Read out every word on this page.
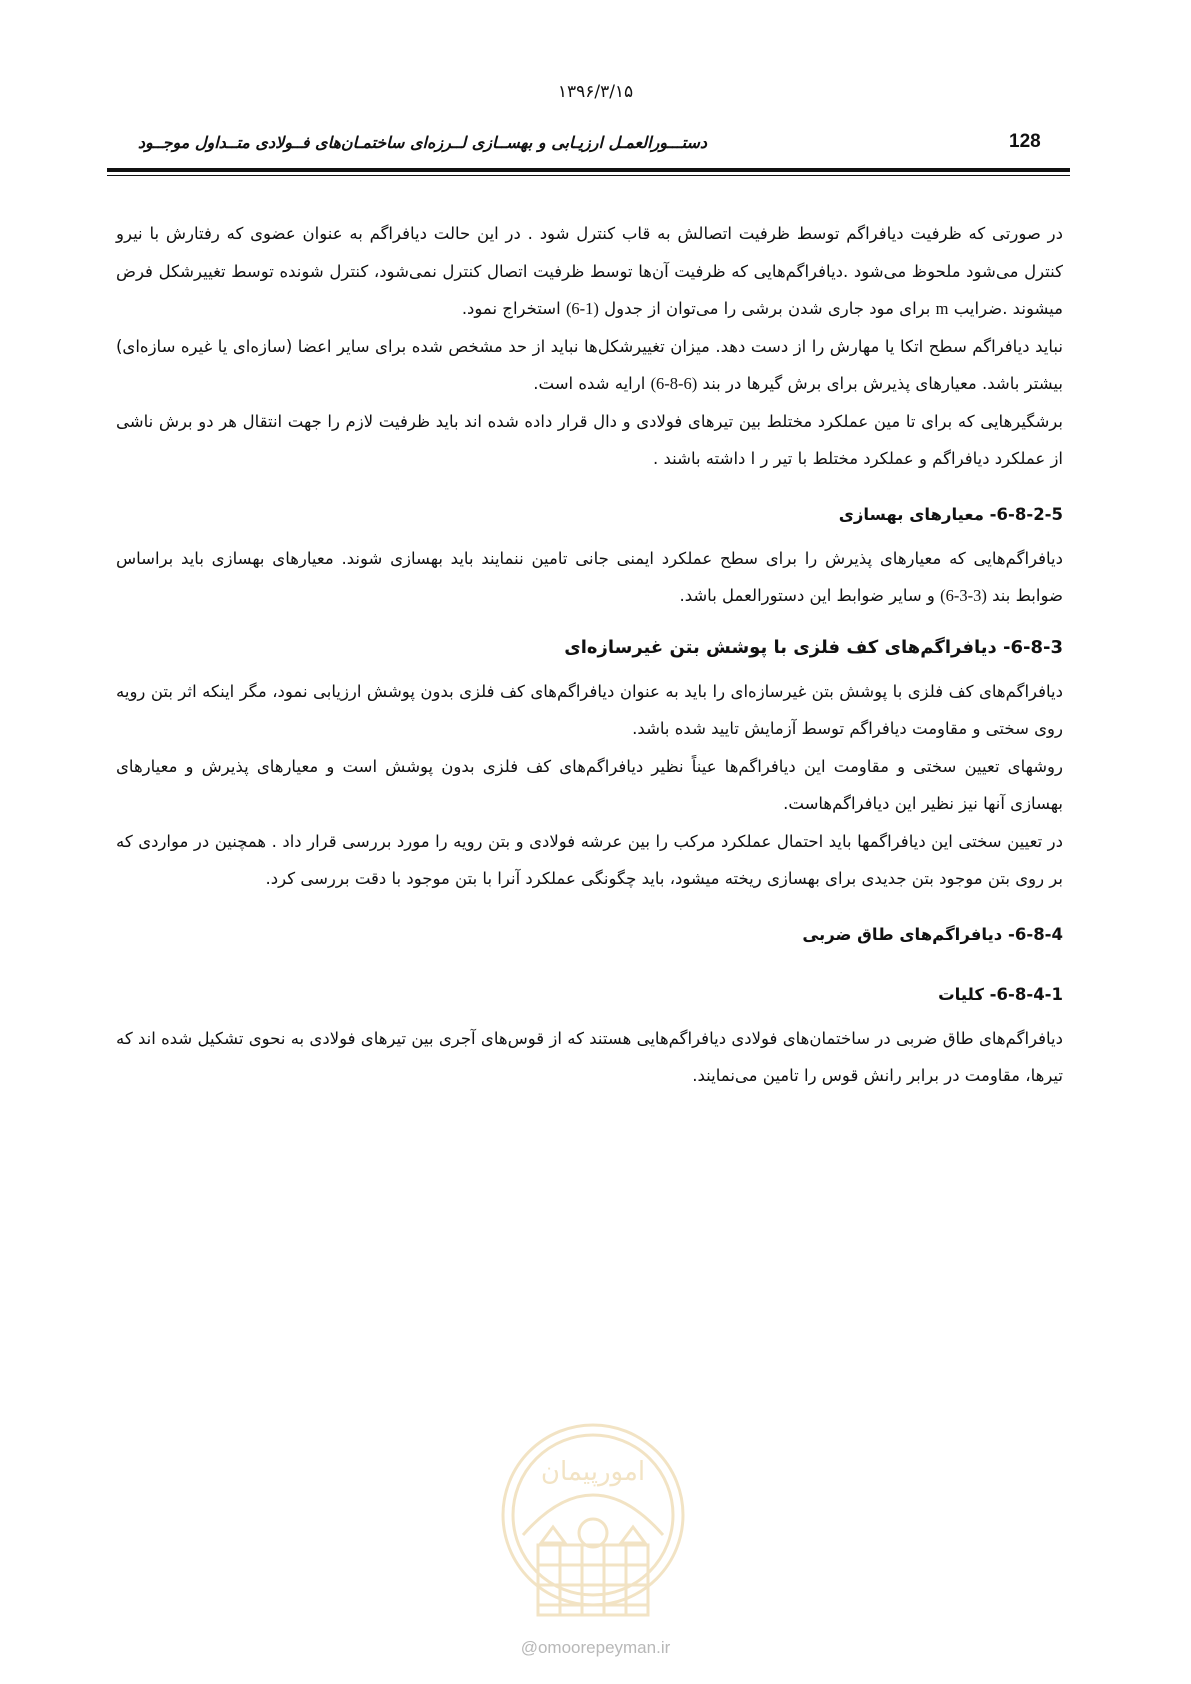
۱۳۹۶/۳/۱۵
128
دستـــورالعمـل ارزیـابی و بهســازی لــرزه‌ای ساختمـان‌های فــولادی متــداول موجــود

در صورتی که ظرفیت دیافراگم توسط ظرفیت اتصالش به قاب کنترل شود . در این حالت دیافراگم به عنوان عضوی که رفتارش با نیرو کنترل می‌شود ملحوظ می‌شود .دیافراگم‌هایی که ظرفیت آن‌ها توسط ظرفیت اتصال کنترل نمی‌شود، کنترل شونده توسط تغییرشکل فرض میشوند .ضرایب m برای مود جاری شدن برشی را می‌توان از جدول (6-1) استخراج نمود.

نباید دیافراگم سطح اتکا یا مهارش را از دست دهد. میزان تغییرشکل‌ها نباید از حد مشخص شده برای سایر اعضا (سازه‌ای یا غیره سازه‌ای) بیشتر باشد. معیارهای پذیرش برای برش گیرها در بند (6-8-6) ارایه شده است.

برشگیرهایی که برای تا مین عملکرد مختلط بین تیرهای فولادی و دال قرار داده شده اند باید ظرفیت لازم را جهت انتقال هر دو برش ناشی از عملکرد دیافراگم و عملکرد مختلط با تیر ر ا داشته باشند .

6-8-2-5- معیارهای بهسازی

دیافراگم‌هایی که معیارهای پذیرش را برای سطح عملکرد ایمنی جانی تامین ننمایند باید بهسازی شوند. معیارهای بهسازی باید براساس ضوابط بند (6-3-3) و سایر ضوابط این دستورالعمل باشد.

6-8-3- دیافراگم‌های کف فلزی با پوشش بتن غیرسازه‌ای

دیافراگم‌های کف فلزی با پوشش بتن غیرسازه‌ای را باید به عنوان دیافراگم‌های کف فلزی بدون پوشش ارزیابی نمود، مگر اینکه اثر بتن رویه روی سختی و مقاومت دیافراگم توسط آزمایش تایید شده باشد.

روشهای تعیین سختی و مقاومت این دیافراگم‌ها عیناً نظیر دیافراگم‌های کف فلزی بدون پوشش است و معیارهای پذیرش و معیارهای بهسازی آنها نیز نظیر این دیافراگم‌هاست.

در تعیین سختی این دیافراگمها باید احتمال عملکرد مرکب را بین عرشه فولادی و بتن رویه را مورد بررسی قرار داد . همچنین در مواردی که بر روی بتن موجود بتن جدیدی برای بهسازی ریخته میشود، باید چگونگی عملکرد آنرا با بتن موجود با دقت بررسی کرد.

6-8-4- دیافراگم‌های طاق ضربی
6-8-4-1- کلیات

دیافراگم‌های طاق ضربی در ساختمان‌های فولادی دیافراگم‌هایی هستند که از قوس‌های آجری بین تیرهای فولادی به نحوی تشکیل شده اند که تیرها، مقاومت در برابر رانش قوس را تامین می‌نمایند.

امورپیمان
@omoorepeyman.ir
